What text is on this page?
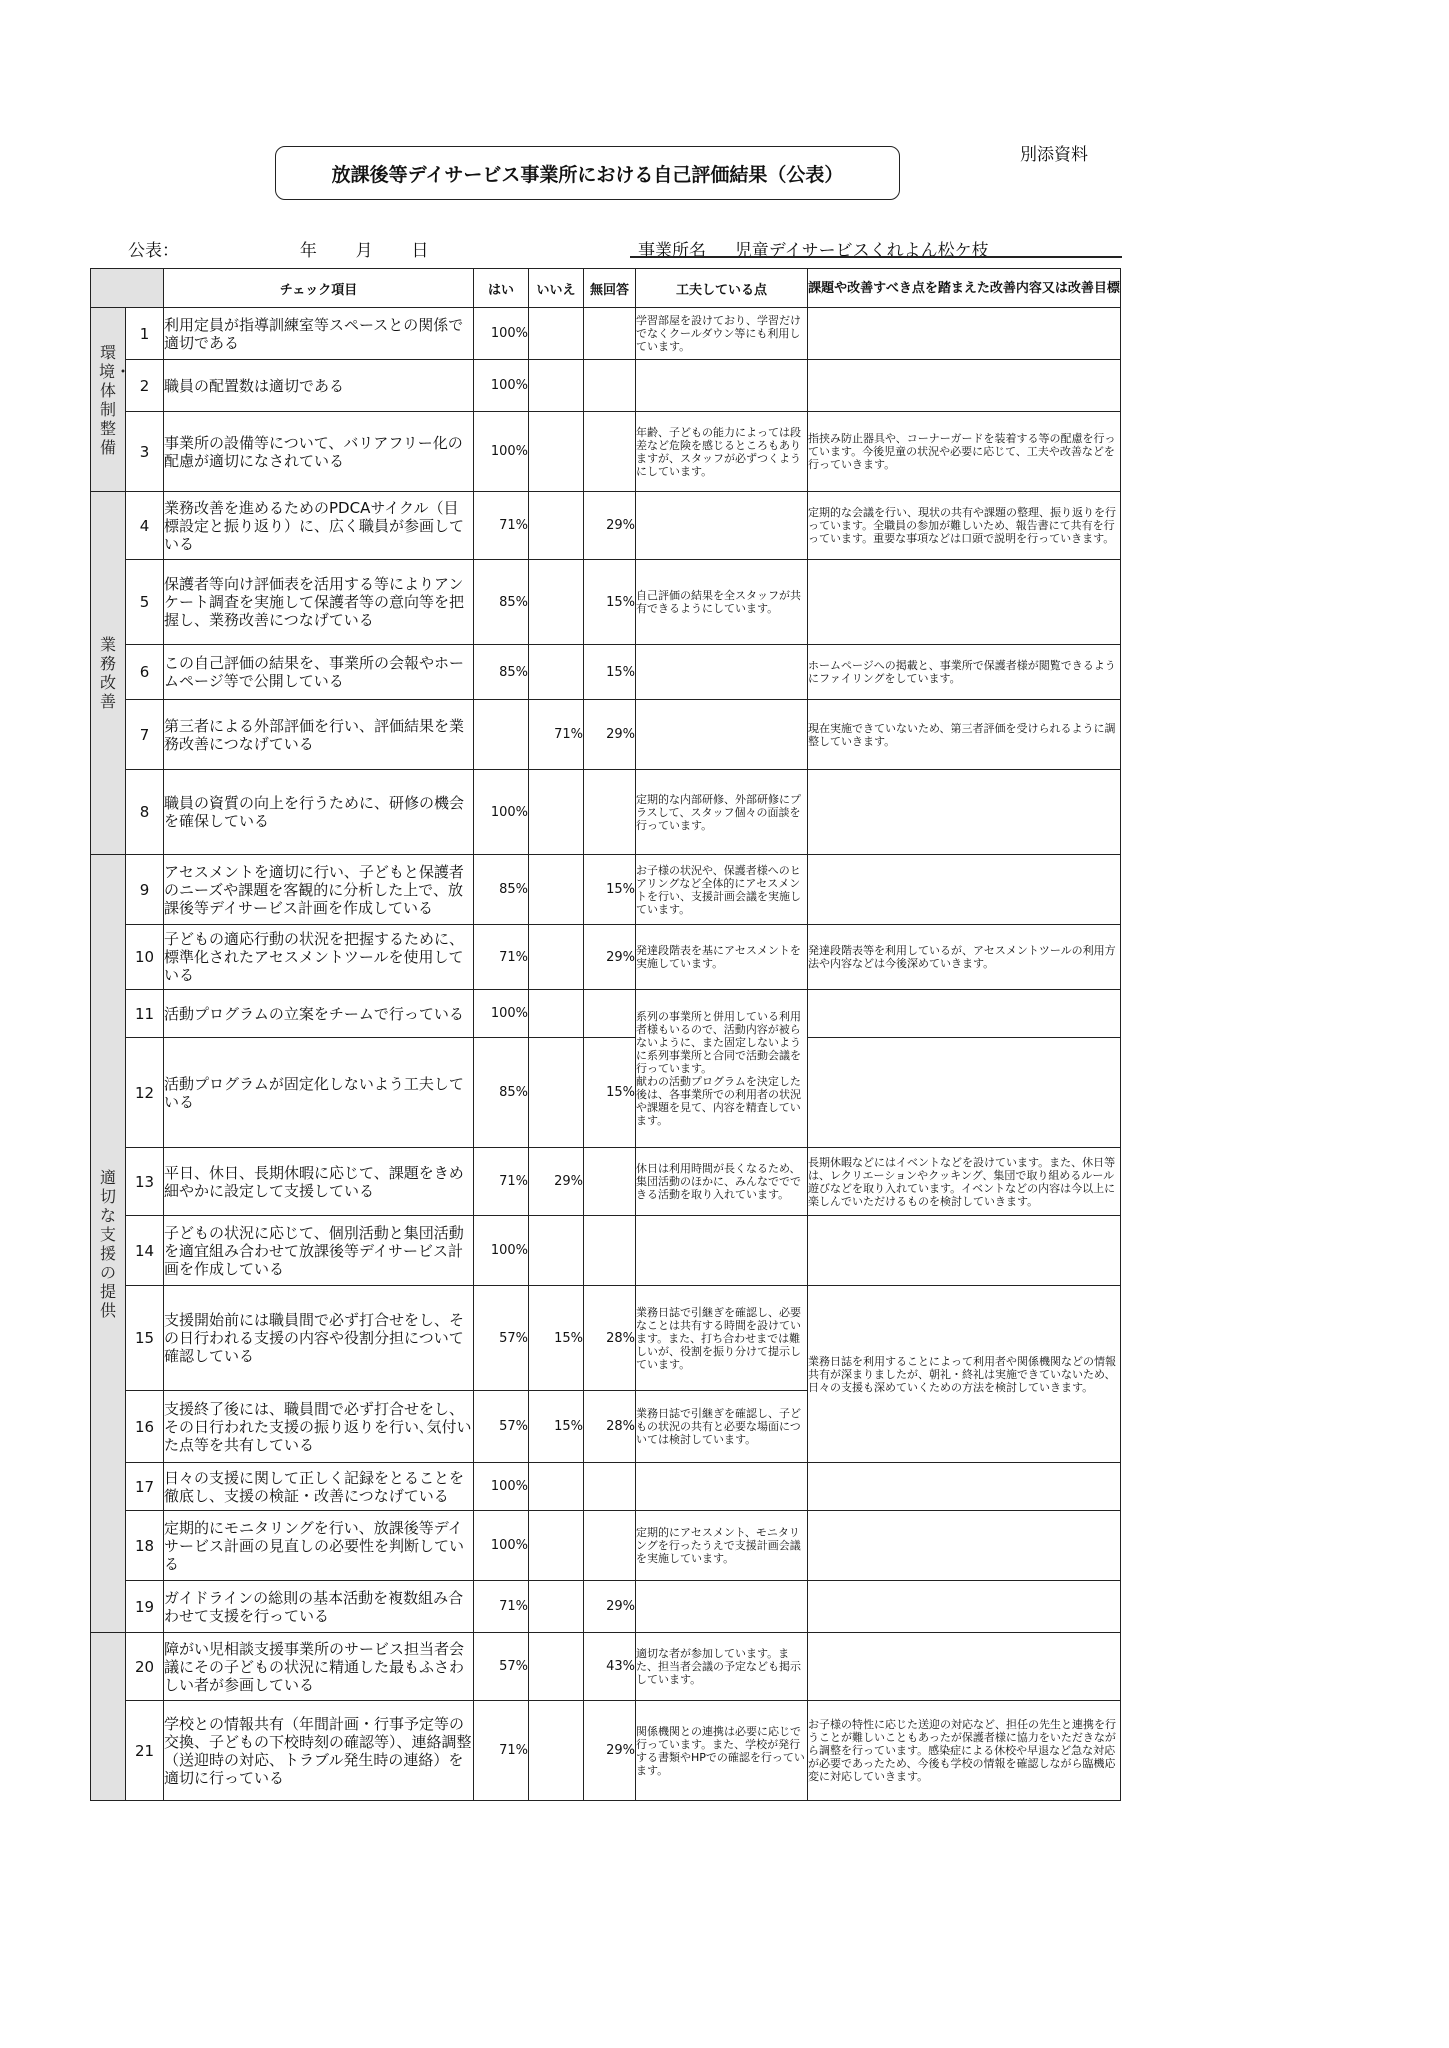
別添資料
放課後等デイサービス事業所における自己評価結果（公表）
公表：	年 月 日	事業所名 児童デイサービスくれよん松ケ枝
		チェック項目	はい	いいえ	無回答	工夫している点	課題や改善すべき点を踏まえた改善内容又は改善目標
環境・体制整備	1	利用定員が指導訓練室等スペースとの関係で適切である	100%			学習部屋を設けており、学習だけでなくクールダウン等にも利用しています。	
	2	職員の配置数は適切である	100%				
	3	事業所の設備等について、バリアフリー化の配慮が適切になされている	100%			年齢、子どもの能力によっては段差など危険を感じるところもありますが、スタッフが必ずつくようにしています。	指挟み防止器具や、コーナーガードを装着する等の配慮を行っています。今後児童の状況や必要に応じて、工夫や改善などを行っていきます。
業務改善	4	業務改善を進めるためのPDCAサイクル（目標設定と振り返り）に、広く職員が参画している	71%		29%		定期的な会議を行い、現状の共有や課題の整理、振り返りを行っています。全職員の参加が難しいため、報告書にて共有を行っています。重要な事項などは口頭で説明を行っていきます。
	5	保護者等向け評価表を活用する等によりアンケート調査を実施して保護者等の意向等を把握し、業務改善につなげている	85%		15%	自己評価の結果を全スタッフが共有できるようにしています。	
	6	この自己評価の結果を、事業所の会報やホームページ等で公開している	85%		15%		ホームページへの掲載と、事業所で保護者様が閲覧できるようにファイリングをしています。
	7	第三者による外部評価を行い、評価結果を業務改善につなげている		71%	29%		現在実施できていないため、第三者評価を受けられるように調整していきます。
	8	職員の資質の向上を行うために、研修の機会を確保している	100%			定期的な内部研修、外部研修にプラスして、スタッフ個々の面談を行っています。	
適切な支援の提供	9	アセスメントを適切に行い、子どもと保護者のニーズや課題を客観的に分析した上で、放課後等デイサービス計画を作成している	85%		15%	お子様の状況や、保護者様へのヒアリングなど全体的にアセスメントを行い、支援計画会議を実施しています。	
	10	子どもの適応行動の状況を把握するために、標準化されたアセスメントツールを使用している	71%		29%	発達段階表を基にアセスメントを実施しています。	発達段階表等を利用しているが、アセスメントツールの利用方法や内容などは今後深めていきます。
	11	活動プログラムの立案をチームで行っている	100%			系列の事業所と併用している利用者様もいるので、活動内容が被らないように、また固定しないように系列事業所と合同で活動会議を行っています。
献わの活動プログラムを決定した後は、各事業所での利用者の状況や課題を見て、内容を精査しています。	
	12	活動プログラムが固定化しないよう工夫している	85%		15%		
	13	平日、休日、長期休暇に応じて、課題をきめ細やかに設定して支援している	71%	29%		休日は利用時間が長くなるため、集団活動のほかに、みんなででできる活動を取り入れています。	長期休暇などにはイベントなどを設けています。また、休日等は、レクリエーションやクッキング、集団で取り組めるルール遊びなどを取り入れています。イベントなどの内容は今以上に楽しんでいただけるものを検討していきます。
	14	子どもの状況に応じて、個別活動と集団活動を適宜組み合わせて放課後等デイサービス計画を作成している	100%				
	15	支援開始前には職員間で必ず打合せをし、その日行われる支援の内容や役割分担について確認している	57%	15%	28%	業務日誌で引継ぎを確認し、必要なことは共有する時間を設けています。また、打ち合わせまでは難しいが、役割を振り分けて提示しています。	業務日誌を利用することによって利用者や関係機関などの情報共有が深まりましたが、朝礼・終礼は実施できていないため、日々の支援も深めていくための方法を検討していきます。
	16	支援終了後には、職員間で必ず打合せをし、その日行われた支援の振り返りを行い､気付いた点等を共有している	57%	15%	28%	業務日誌で引継ぎを確認し、子どもの状況の共有と必要な場面については検討しています。	
	17	日々の支援に関して正しく記録をとることを徹底し、支援の検証・改善につなげている	100%				
	18	定期的にモニタリングを行い、放課後等デイサービス計画の見直しの必要性を判断している	100%			定期的にアセスメント、モニタリングを行ったうえで支援計画会議を実施しています。	
	19	ガイドラインの総則の基本活動を複数組み合わせて支援を行っている	71%		29%		
	20	障がい児相談支援事業所のサービス担当者会議にその子どもの状況に精通した最もふさわしい者が参画している	57%		43%	適切な者が参加しています。また、担当者会議の予定なども掲示しています。	
	21	学校との情報共有（年間計画・行事予定等の交換、子どもの下校時刻の確認等）、連絡調整（送迎時の対応、トラブル発生時の連絡）を適切に行っている	71%		29%	関係機関との連携は必要に応じで行っています。また、学校が発行する書類やHPでの確認を行っています。	お子様の特性に応じた送迎の対応など、担任の先生と連携を行うことが難しいこともあったが保護者様に協力をいただきながら調整を行っています。感染症による休校や早退など急な対応が必要であったため、今後も学校の情報を確認しながら臨機応変に対応していきます。
